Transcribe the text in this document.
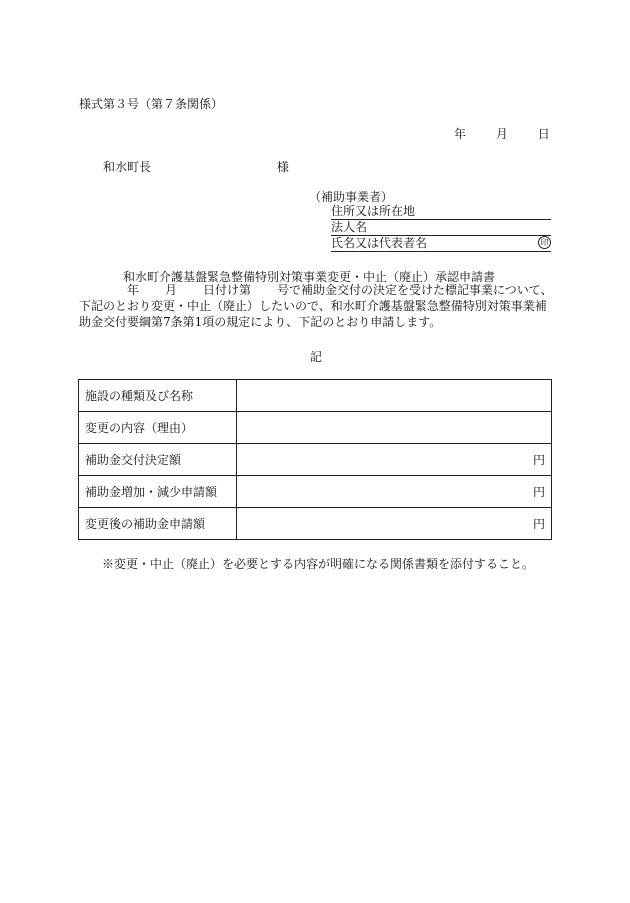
様式第３号（第７条関係）
年 月 日
和水町長	様
（補助事業者）
住所又は所在地
法人名
氏名又は代表者名	印
和水町介護基盤緊急整備特別対策事業変更・中止（廃止）承認申請書
年 月 日付け第 号で補助金交付の決定を受けた標記事業について、下記のとおり変更・中止（廃止）したいので、和水町介護基盤緊急整備特別対策事業補助金交付要綱第7条第1項の規定により、下記のとおり申請します。
記
施設の種類及び名称	
変更の内容（理由）	
補助金交付決定額	円
補助金増加・減少申請額	円
変更後の補助金申請額	円
※変更・中止（廃止）を必要とする内容が明確になる関係書類を添付すること。
